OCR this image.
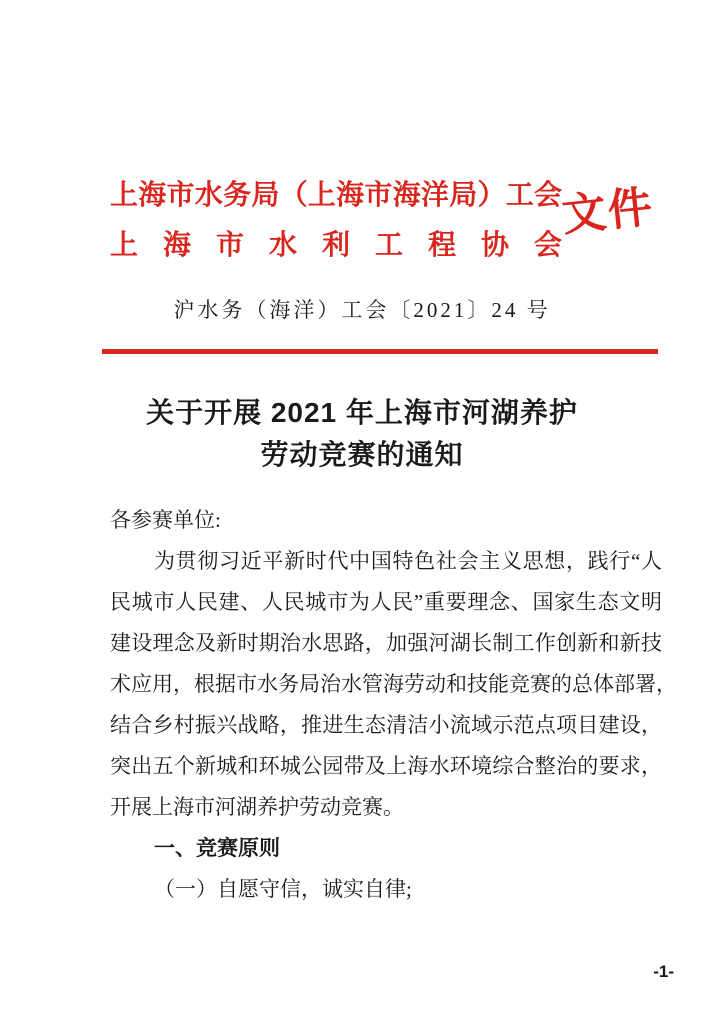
上海市水务局（上海市海洋局）工会
上海市水利工程协会
文件
沪水务（海洋）工会〔2021〕24 号
关于开展 2021 年上海市河湖养护
劳动竞赛的通知
各参赛单位:
为贯彻习近平新时代中国特色社会主义思想，践行“人
民城市人民建、人民城市为人民”重要理念、国家生态文明
建设理念及新时期治水思路，加强河湖长制工作创新和新技
术应用，根据市水务局治水管海劳动和技能竞赛的总体部署，
结合乡村振兴战略，推进生态清洁小流域示范点项目建设，
突出五个新城和环城公园带及上海水环境综合整治的要求，
开展上海市河湖养护劳动竞赛。
一、竞赛原则
（一）自愿守信，诚实自律;
-1-
